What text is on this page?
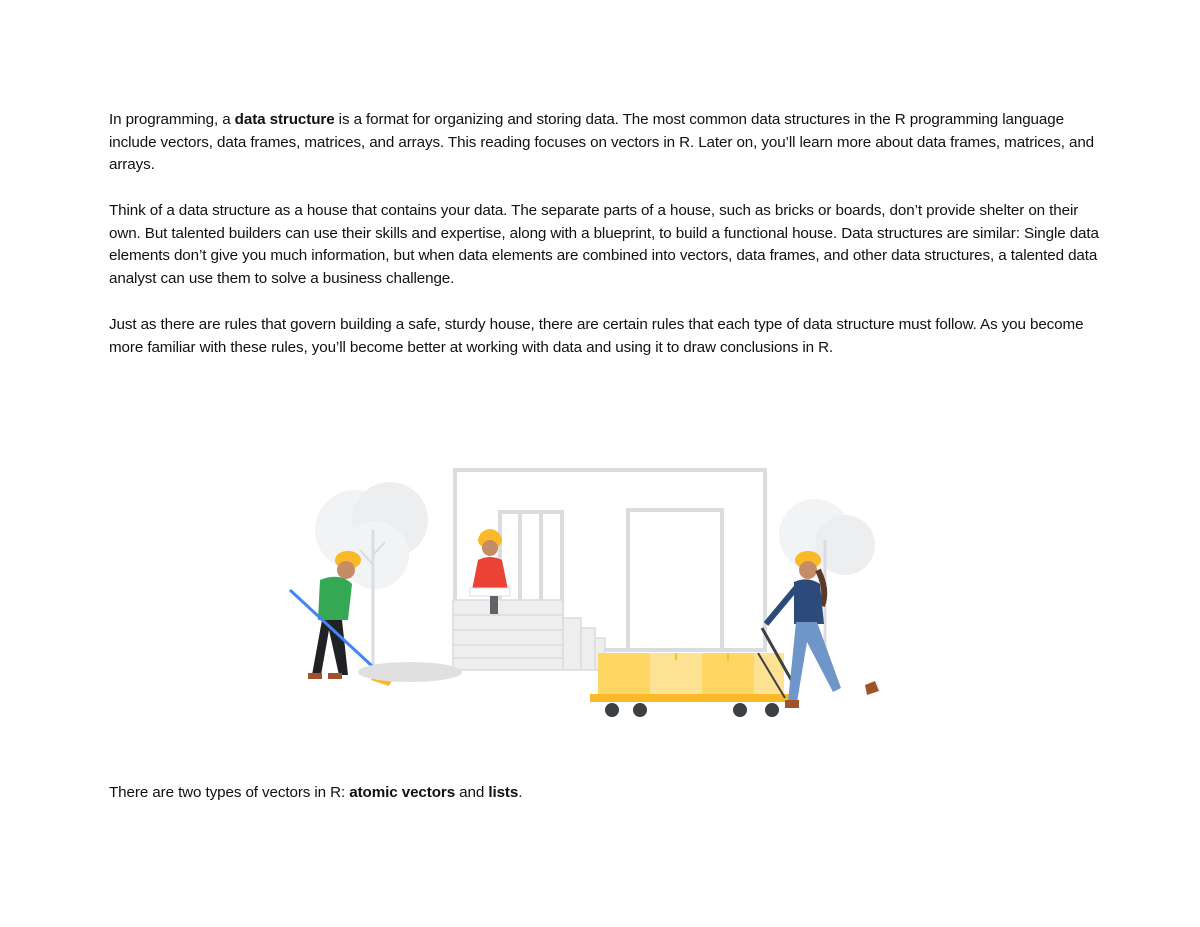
In programming, a data structure is a format for organizing and storing data. The most common data structures in the R programming language include vectors, data frames, matrices, and arrays. This reading focuses on vectors in R. Later on, you’ll learn more about data frames, matrices, and arrays.

Think of a data structure as a house that contains your data. The separate parts of a house, such as bricks or boards, don’t provide shelter on their own. But talented builders can use their skills and expertise, along with a blueprint, to build a functional house. Data structures are similar: Single data elements don’t give you much information, but when data elements are combined into vectors, data frames, and other data structures, a talented data analyst can use them to solve a business challenge.

Just as there are rules that govern building a safe, sturdy house, there are certain rules that each type of data structure must follow. As you become more familiar with these rules, you’ll become better at working with data and using it to draw conclusions in R.

There are two types of vectors in R: atomic vectors and lists.
